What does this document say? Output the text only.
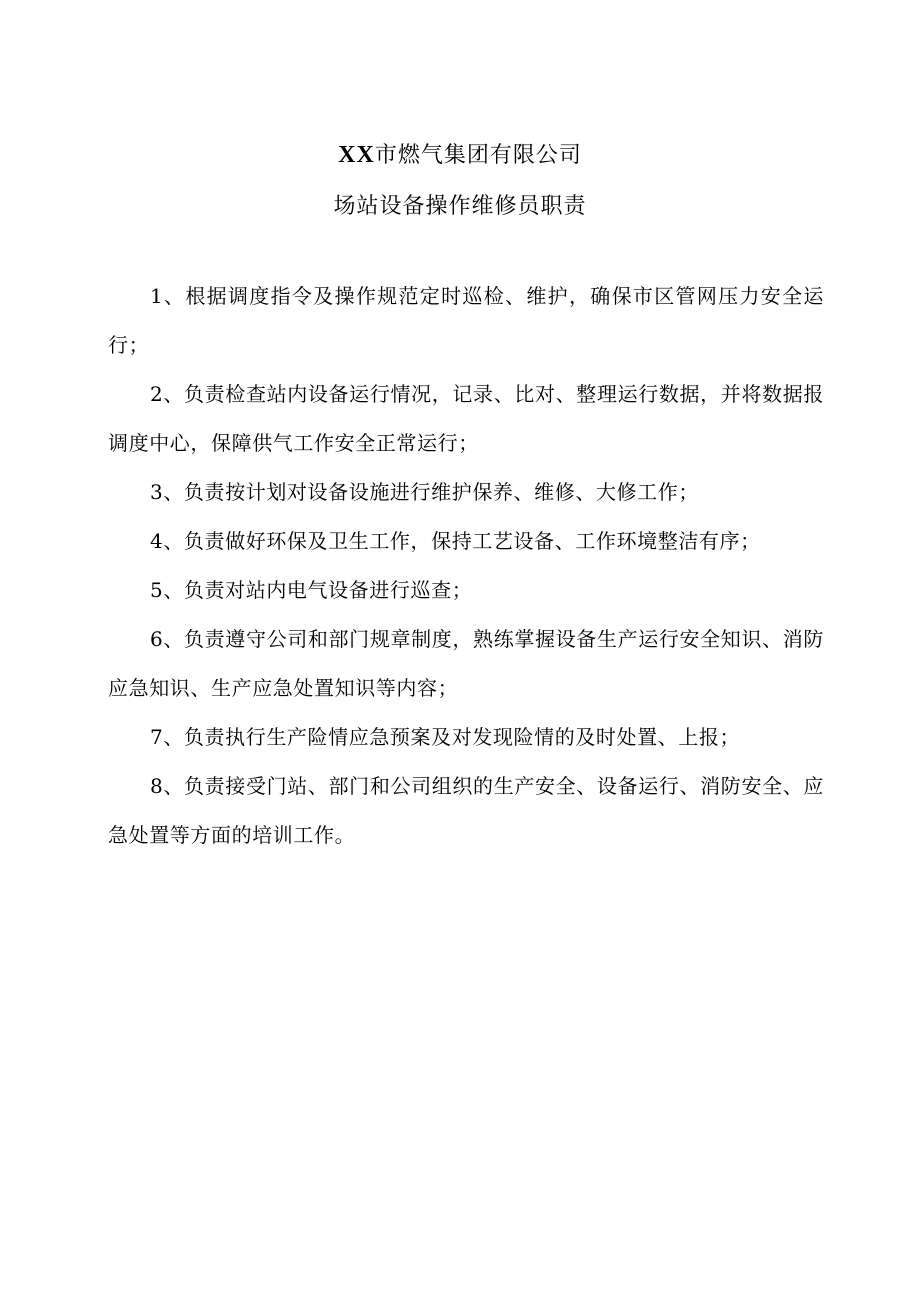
XX市燃气集团有限公司
场站设备操作维修员职责

1、根据调度指令及操作规范定时巡检、维护，确保市区管网压力安全运行；

2、负责检查站内设备运行情况，记录、比对、整理运行数据，并将数据报调度中心，保障供气工作安全正常运行；

3、负责按计划对设备设施进行维护保养、维修、大修工作；

4、负责做好环保及卫生工作，保持工艺设备、工作环境整洁有序；

5、负责对站内电气设备进行巡查；

6、负责遵守公司和部门规章制度，熟练掌握设备生产运行安全知识、消防应急知识、生产应急处置知识等内容；

7、负责执行生产险情应急预案及对发现险情的及时处置、上报；

8、负责接受门站、部门和公司组织的生产安全、设备运行、消防安全、应急处置等方面的培训工作。
